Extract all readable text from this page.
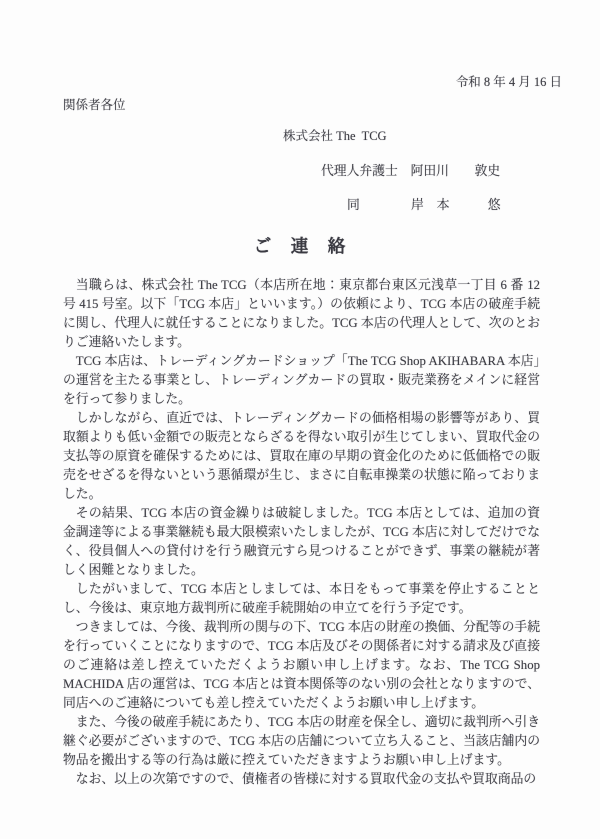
令和 8 年 4 月 16 日
関係者各位
株式会社 The  TCG
代理人弁護士　阿田川　　敦史
同　　　　岸　本　　　悠
ご　連　絡

当職らは、株式会社 The TCG（本店所在地：東京都台東区元浅草一丁目 6 番 12 号 415 号室。以下「TCG 本店」といいます。）の依頼により、TCG 本店の破産手続に関し、代理人に就任することになりました。TCG 本店の代理人として、次のとおりご連絡いたします。

TCG 本店は、トレーディングカードショップ「The TCG Shop AKIHABARA 本店」の運営を主たる事業とし、トレーディングカードの買取・販売業務をメインに経営を行って参りました。

しかしながら、直近では、トレーディングカードの価格相場の影響等があり、買取額よりも低い金額での販売とならざるを得ない取引が生じてしまい、買取代金の支払等の原資を確保するためには、買取在庫の早期の資金化のために低価格での販売をせざるを得ないという悪循環が生じ、まさに自転車操業の状態に陥っておりました。

その結果、TCG 本店の資金繰りは破綻しました。TCG 本店としては、追加の資金調達等による事業継続も最大限模索いたしましたが、TCG 本店に対してだけでなく、役員個人への貸付けを行う融資元すら見つけることができず、事業の継続が著しく困難となりました。

したがいまして、TCG 本店としましては、本日をもって事業を停止することとし、今後は、東京地方裁判所に破産手続開始の申立てを行う予定です。

つきましては、今後、裁判所の関与の下、TCG 本店の財産の換価、分配等の手続を行っていくことになりますので、TCG 本店及びその関係者に対する請求及び直接のご連絡は差し控えていただくようお願い申し上げます。なお、The TCG Shop MACHIDA 店の運営は、TCG 本店とは資本関係等のない別の会社となりますので、同店へのご連絡についても差し控えていただくようお願い申し上げます。

また、今後の破産手続にあたり、TCG 本店の財産を保全し、適切に裁判所へ引き継ぐ必要がございますので、TCG 本店の店舗について立ち入ること、当該店舗内の物品を搬出する等の行為は厳に控えていただきますようお願い申し上げます。

なお、以上の次第ですので、債権者の皆様に対する買取代金の支払や買取商品の
